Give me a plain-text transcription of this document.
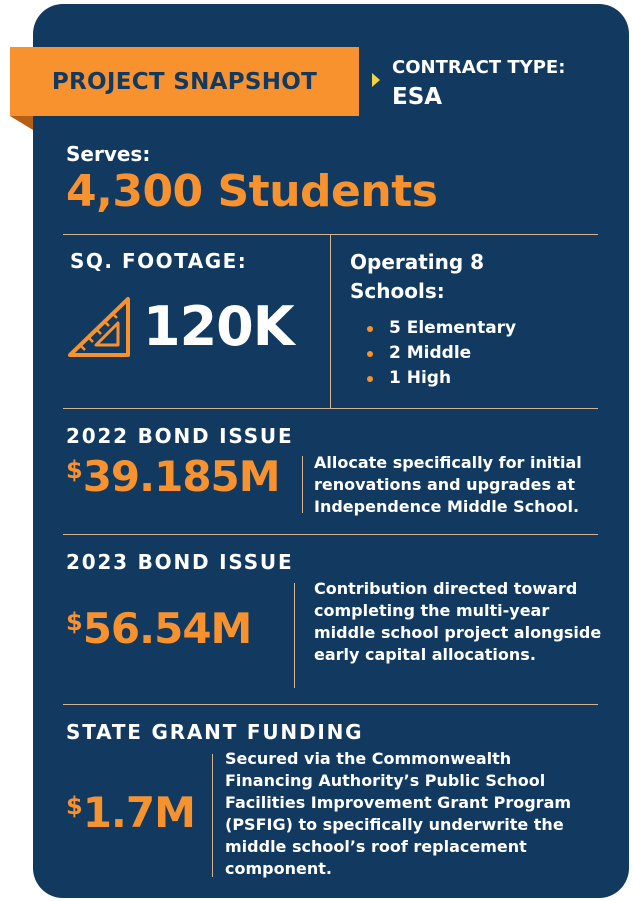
PROJECT SNAPSHOT
CONTRACT TYPE:
ESA
Serves:
4,300 Students
SQ. FOOTAGE:
120K
Operating 8 Schools:
5 Elementary
2 Middle
1 High
2022 BOND ISSUE
$ 39.185M Allocate specifically for initial renovations and upgrades at Independence Middle School.
2023 BOND ISSUE
$ 56.54M
Contribution directed toward completing the multi-year middle school project alongside early capital allocations.
STATE GRANT FUNDING
$ 1.7M
Secured via the Commonwealth Financing Authority’s Public School Facilities Improvement Grant Program (PSFIG) to specifically underwrite the middle school’s roof replacement component.
